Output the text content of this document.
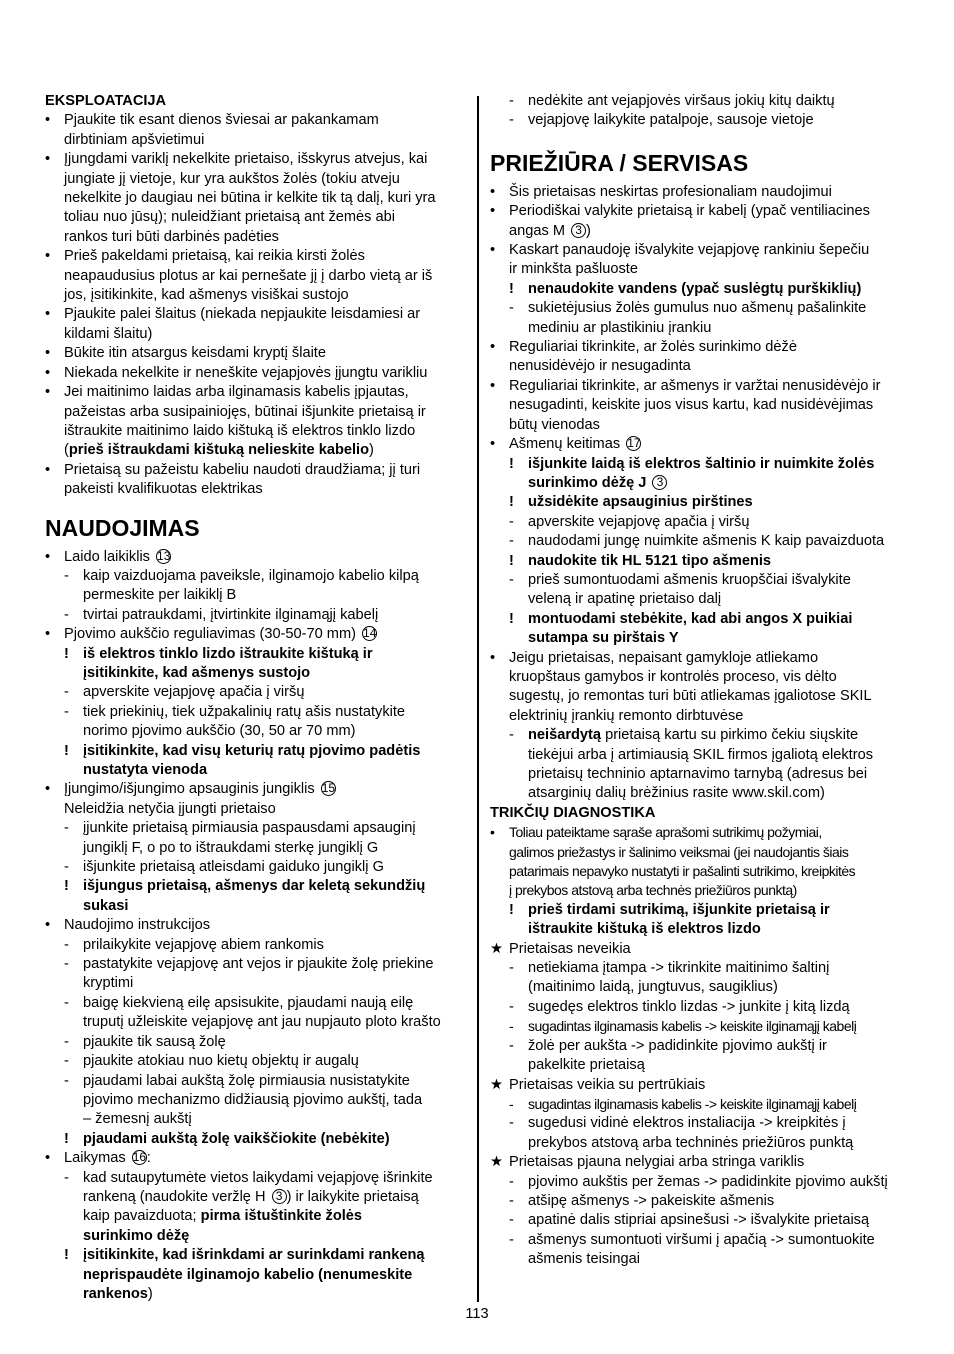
EKSPLOATACIJA
• Pjaukite tik esant dienos šviesai ar pakankamam
dirbtiniam apšvietimui
• Įjungdami variklį nekelkite prietaiso, išskyrus atvejus, kai
jungiate jį vietoje, kur yra aukštos žolės (tokiu atveju
nekelkite jo daugiau nei būtina ir kelkite tik tą dalį, kuri yra
toliau nuo jūsų); nuleidžiant prietaisą ant žemės abi
rankos turi būti darbinės padėties
• Prieš pakeldami prietaisą, kai reikia kirsti žolės
neapaudusius plotus ar kai pernešate jį į darbo vietą ar iš
jos, įsitikinkite, kad ašmenys visiškai sustojo
• Pjaukite palei šlaitus (niekada nepjaukite leisdamiesi ar
kildami šlaitu)
• Būkite itin atsargus keisdami kryptį šlaite
• Niekada nekelkite ir neneškite vejapjovės įjungtu varikliu
• Jei maitinimo laidas arba ilginamasis kabelis įpjautas,
pažeistas arba susipainiojęs, būtinai išjunkite prietaisą ir
ištraukite maitinimo laido kištuką iš elektros tinklo lizdo
(prieš ištraukdami kištuką nelieskite kabelio)
• Prietaisą su pažeistu kabeliu naudoti draudžiama; jį turi
pakeisti kvalifikuotas elektrikas
NAUDOJIMAS
• Laido laikiklis 13
- kaip vaizduojama paveiksle, ilginamojo kabelio kilpą
permeskite per laikiklį B
- tvirtai patraukdami, įtvirtinkite ilginamąjį kabelį
• Pjovimo aukščio reguliavimas (30-50-70 mm) 14
! iš elektros tinklo lizdo ištraukite kištuką ir
įsitikinkite, kad ašmenys sustojo
- apverskite vejapjovę apačia į viršų
- tiek priekinių, tiek užpakalinių ratų ašis nustatykite
norimo pjovimo aukščio (30, 50 ar 70 mm)
! įsitikinkite, kad visų keturių ratų pjovimo padėtis
nustatyta vienoda
• Įjungimo/išjungimo apsauginis jungiklis 15
Neleidžia netyčia įjungti prietaiso
- įjunkite prietaisą pirmiausia paspausdami apsauginį
jungiklį F, o po to ištraukdami sterkę jungiklį G
- išjunkite prietaisą atleisdami gaiduko jungiklį G
! išjungus prietaisą, ašmenys dar keletą sekundžių
sukasi
• Naudojimo instrukcijos
- prilaikykite vejapjovę abiem rankomis
- pastatykite vejapjovę ant vejos ir pjaukite žolę priekine
kryptimi
- baigę kiekvieną eilę apsisukite, pjaudami naują eilę
truputį užleiskite vejapjovę ant jau nupjauto ploto krašto
- pjaukite tik sausą žolę
- pjaukite atokiau nuo kietų objektų ir augalų
- pjaudami labai aukštą žolę pirmiausia nusistatykite
pjovimo mechanizmo didžiausią pjovimo aukštį, tada
– žemesnį aukštį
! pjaudami aukštą žolę vaikščiokite (nebėkite)
• Laikymas 16:
- kad sutaupytumėte vietos laikydami vejapjovę išrinkite
rankeną (naudokite veržlę H 3 ) ir laikykite prietaisą
kaip pavaizduota; pirma ištuštinkite žolės
surinkimo dėžę
! įsitikinkite, kad išrinkdami ar surinkdami rankeną
neprispaudėte ilginamojo kabelio (nenumeskite
rankenos)
- nedėkite ant vejapjovės viršaus jokių kitų daiktų
- vejapjovę laikykite patalpoje, sausoje vietoje
PRIEŽIŪRA / SERVISAS
• Šis prietaisas neskirtas profesionaliam naudojimui
• Periodiškai valykite prietaisą ir kabelį (ypač ventiliacines
angas M 3 )
• Kaskart panaudoję išvalykite vejapjovę rankiniu šepečiu
ir minkšta pašluoste
! nenaudokite vandens (ypač suslėgtų purškiklių)
- sukietėjusius žolės gumulus nuo ašmenų pašalinkite
mediniu ar plastikiniu įrankiu
• Reguliariai tikrinkite, ar žolės surinkimo dėžė
nenusidėvėjo ir nesugadinta
• Reguliariai tikrinkite, ar ašmenys ir varžtai nenusidėvėjo ir
nesugadinti, keiskite juos visus kartu, kad nusidėvėjimas
būtų vienodas
• Ašmenų keitimas 17
! išjunkite laidą iš elektros šaltinio ir nuimkite žolės
surinkimo dėžę J 3
! užsidėkite apsauginius pirštines
- apverskite vejapjovę apačia į viršų
- naudodami jungę nuimkite ašmenis K kaip pavaizduota
! naudokite tik HL 5121 tipo ašmenis
- prieš sumontuodami ašmenis kruopščiai išvalykite
veleną ir apatinę prietaiso dalį
! montuodami stebėkite, kad abi angos X puikiai
sutampa su pirštais Y
• Jeigu prietaisas, nepaisant gamykloje atliekamo
kruopštaus gamybos ir kontrolės proceso, vis dėlto
sugestų, jo remontas turi būti atliekamas įgaliotose SKIL
elektrinių įrankių remonto dirbtuvėse
- neišardytą prietaisą kartu su pirkimo čekiu siųskite
tiekėjui arba į artimiausią SKIL firmos įgaliotą elektros
prietaisų techninio aptarnavimo tarnybą (adresus bei
atsarginių dalių brėžinius rasite www.skil.com)
TRIKČIŲ DIAGNOSTIKA
•	Toliau pateiktame sąraše aprašomi sutrikimų požymiai,
galimos priežastys ir šalinimo veiksmai (jei naudojantis šiais
patarimais nepavyko nustatyti ir pašalinti sutrikimo, kreipkitės
į prekybos atstovą arba technės priežiūros punktą)
! prieš tirdami sutrikimą, išjunkite prietaisą ir
ištraukite kištuką iš elektros lizdo
★ Prietaisas neveikia
- netiekiama įtampa -> tikrinkite maitinimo šaltinį
(maitinimo laidą, jungtuvus, saugiklius)
- sugedęs elektros tinklo lizdas -> junkite į kitą lizdą
-	sugadintas ilginamasis kabelis -> keiskite ilginamąjį kabelį
- žolė per aukšta -> padidinkite pjovimo aukštį ir
pakelkite prietaisą
★ Prietaisas veikia su pertrūkiais
-	sugadintas ilginamasis kabelis -> keiskite ilginamąjį kabelį
- sugedusi vidinė elektros instaliacija -> kreipkitės į
prekybos atstovą arba techninės priežiūros punktą
★ Prietaisas pjauna nelygiai arba stringa variklis
- pjovimo aukštis per žemas -> padidinkite pjovimo aukštį
- atšipę ašmenys -> pakeiskite ašmenis
- apatinė dalis stipriai apsinešusi -> išvalykite prietaisą
- ašmenys sumontuoti viršumi į apačią -> sumontuokite
ašmenis teisingai
113
